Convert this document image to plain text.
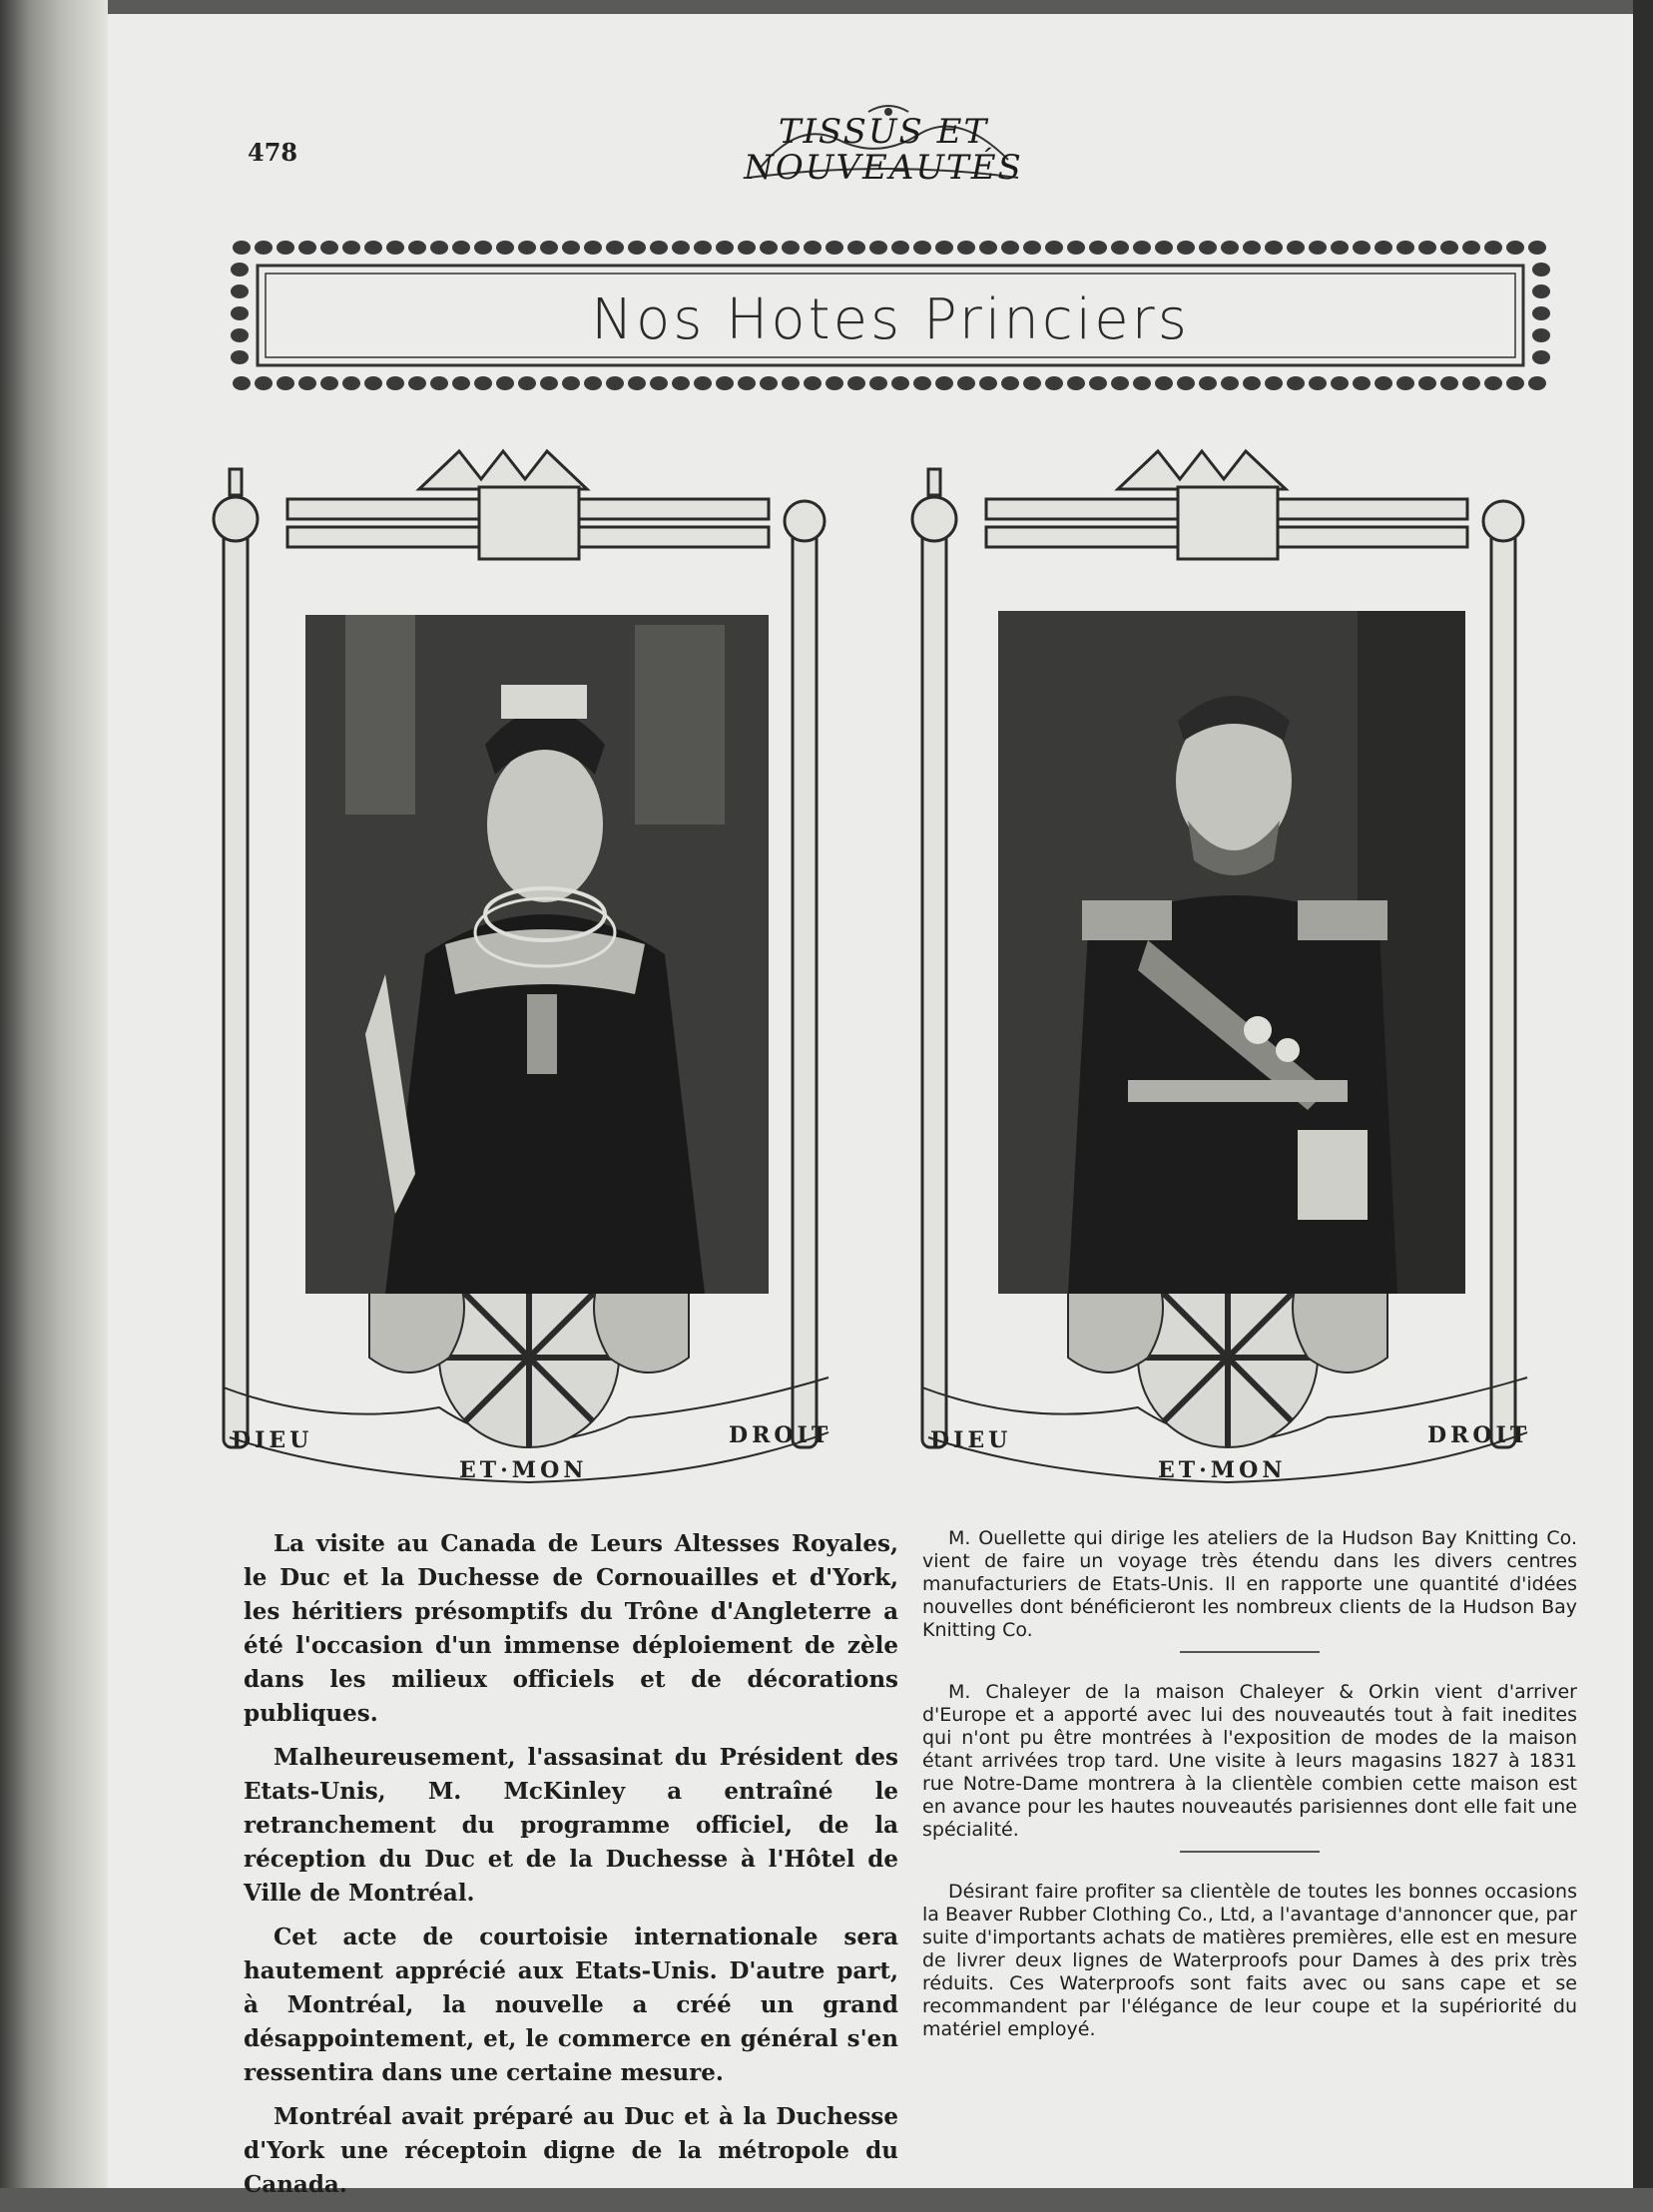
478
TISSUS ET NOUVEAUTÉS
Nos Hotes Princiers
DIEU
ET·MON
DROIT	DIEU
ET·MON
DROIT

La visite au Canada de Leurs Altesses Royales, le Duc et la Duchesse de Cornouailles et d'York, les héritiers présomptifs du Trône d'Angleterre a été l'occasion d'un immense déploiement de zèle dans les milieux officiels et de décorations publiques.

Malheureusement, l'assasinat du Président des Etats-Unis, M. McKinley a entraîné le retranchement du programme officiel, de la réception du Duc et de la Duchesse à l'Hôtel de Ville de Montréal.

Cet acte de courtoisie internationale sera hautement apprécié aux Etats-Unis. D'autre part, à Montréal, la nouvelle a créé un grand désappointement, et, le commerce en général s'en ressentira dans une certaine mesure.

Montréal avait préparé au Duc et à la Duchesse d'York une réceptoin digne de la métropole du Canada.

M. Ouellette qui dirige les ateliers de la Hudson Bay Knitting Co. vient de faire un voyage très étendu dans les divers centres manufacturiers de Etats-Unis. Il en rapporte une quantité d'idées nouvelles dont bénéficieront les nombreux clients de la Hudson Bay Knitting Co.

M. Chaleyer de la maison Chaleyer & Orkin vient d'arriver d'Europe et a apporté avec lui des nouveautés tout à fait inedites qui n'ont pu être montrées à l'exposition de modes de la maison étant arrivées trop tard. Une visite à leurs magasins 1827 à 1831 rue Notre-Dame montrera à la clientèle combien cette maison est en avance pour les hautes nouveautés parisiennes dont elle fait une spécialité.

Désirant faire profiter sa clientèle de toutes les bonnes occasions la Beaver Rubber Clothing Co., Ltd, a l'avantage d'annoncer que, par suite d'importants achats de matières premières, elle est en mesure de livrer deux lignes de Waterproofs pour Dames à des prix très réduits. Ces Waterproofs sont faits avec ou sans cape et se recommandent par l'élégance de leur coupe et la supériorité du matériel employé.
